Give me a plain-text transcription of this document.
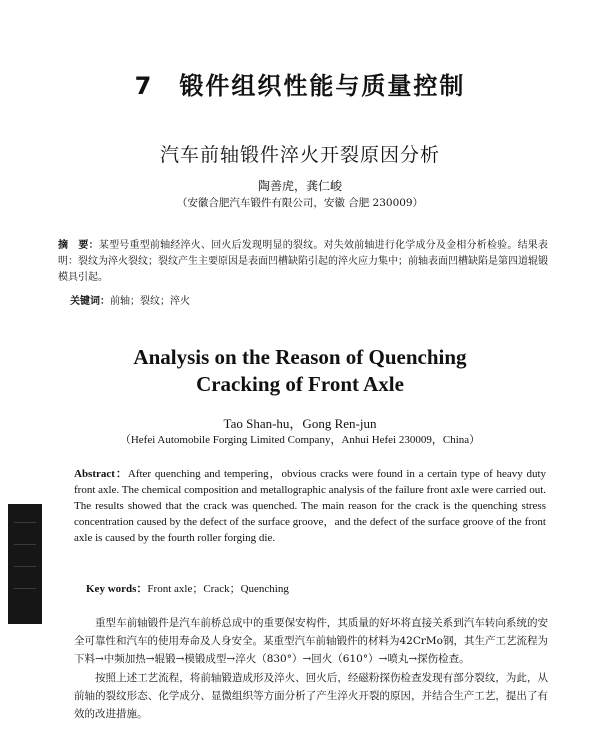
7 锻件组织性能与质量控制
汽车前轴锻件淬火开裂原因分析
陶善虎，龚仁峻
（安徽合肥汽车锻件有限公司，安徽 合肥 230009）
摘　要：某型号重型前轴经淬火、回火后发现明显的裂纹。对失效前轴进行化学成分及金相分析检验。结果表明：裂纹为淬火裂纹；裂纹产生主要原因是表面凹槽缺陷引起的淬火应力集中；前轴表面凹槽缺陷是第四道辊锻模具引起。
关键词：前轴；裂纹；淬火
Analysis on the Reason of Quenching
Cracking of Front Axle
Tao Shan-hu，Gong Ren-jun
（Hefei Automobile Forging Limited Company，Anhui Hefei 230009，China）
Abstract：After quenching and tempering，obvious cracks were found in a certain type of heavy duty front axle. The chemical composition and metallographic analysis of the failure front axle were carried out. The results showed that the crack was quenched. The main reason for the crack is the quenching stress concentration caused by the defect of the surface groove，and the defect of the surface groove of the front axle is caused by the fourth roller forging die.
Key words：Front axle；Crack；Quenching

重型车前轴锻件是汽车前桥总成中的重要保安构件，其质量的好坏将直接关系到汽车转向系统的安全可靠性和汽车的使用寿命及人身安全。某重型汽车前轴锻件的材料为42CrMo钢，其生产工艺流程为下料→中频加热→辊锻→模锻成型→淬火（830°）→回火（610°）→喷丸→探伤检查。

按照上述工艺流程，将前轴锻造成形及淬火、回火后，经磁粉探伤检查发现有部分裂纹，为此，从前轴的裂纹形态、化学成分、显微组织等方面分析了产生淬火开裂的原因，并结合生产工艺，提出了有效的改进措施。
